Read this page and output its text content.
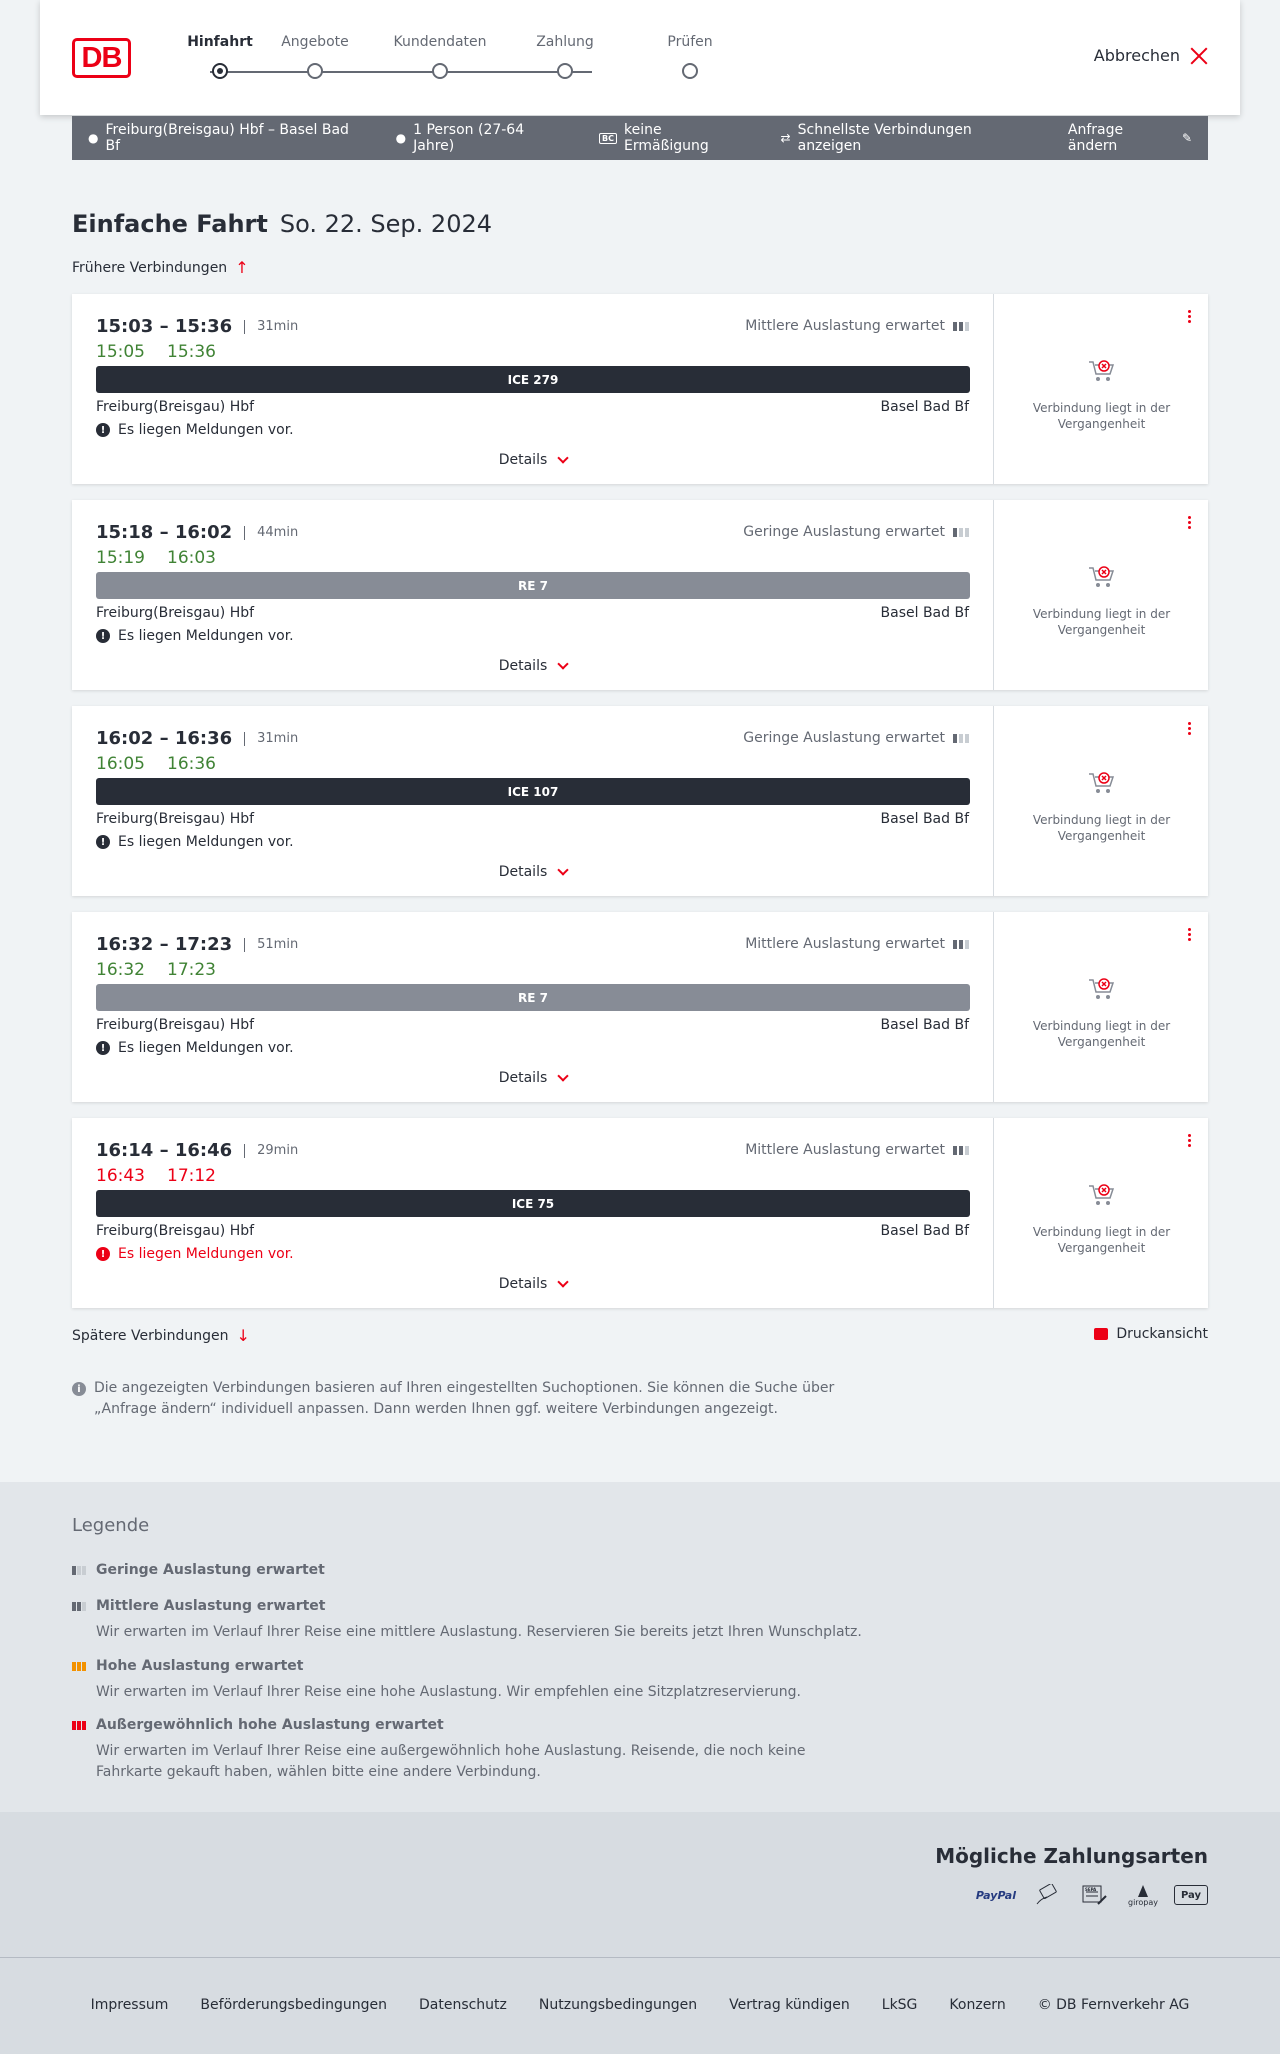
DB	Hinfahrt	Angebote	Kundendaten	Zahlung	Prüfen
Abbrechen
● Freiburg(Breisgau) Hbf – Basel Bad Bf	● 1 Person (27-64 Jahre)	BC keine Ermäßigung	⇄ Schnellste Verbindungen anzeigen
Anfrage ändern	✎
Einfache Fahrt So. 22. Sep. 2024
Frühere Verbindungen ↑
15:03 – 15:36	31min
15:05 15:36
Mittlere Auslastung erwartet
ICE 279
Freiburg(Breisgau) Hbf	Basel Bad Bf
! Es liegen Meldungen vor.
Details
Verbindung liegt in der Vergangenheit
15:18 – 16:02	44min
15:19 16:03
Geringe Auslastung erwartet
RE 7
Freiburg(Breisgau) Hbf	Basel Bad Bf
! Es liegen Meldungen vor.
Details
Verbindung liegt in der Vergangenheit
16:02 – 16:36	31min
16:05 16:36
Geringe Auslastung erwartet
ICE 107
Freiburg(Breisgau) Hbf	Basel Bad Bf
! Es liegen Meldungen vor.
Details
Verbindung liegt in der Vergangenheit
16:32 – 17:23	51min
16:32 17:23
Mittlere Auslastung erwartet
RE 7
Freiburg(Breisgau) Hbf	Basel Bad Bf
! Es liegen Meldungen vor.
Details
Verbindung liegt in der Vergangenheit
16:14 – 16:46	29min
16:43 17:12
Mittlere Auslastung erwartet
ICE 75
Freiburg(Breisgau) Hbf	Basel Bad Bf
! Es liegen Meldungen vor.
Details
Verbindung liegt in der Vergangenheit
Spätere Verbindungen ↓	Druckansicht
i Die angezeigten Verbindungen basieren auf Ihren eingestellten Suchoptionen. Sie können die Suche über „Anfrage ändern“ individuell anpassen. Dann werden Ihnen ggf. weitere Verbindungen angezeigt.
Legende
Geringe Auslastung erwartet
Mittlere Auslastung erwartet
Wir erwarten im Verlauf Ihrer Reise eine mittlere Auslastung. Reservieren Sie bereits jetzt Ihren Wunschplatz.
Hohe Auslastung erwartet
Wir erwarten im Verlauf Ihrer Reise eine hohe Auslastung. Wir empfehlen eine Sitzplatzreservierung.
Außergewöhnlich hohe Auslastung erwartet
Wir erwarten im Verlauf Ihrer Reise eine außergewöhnlich hohe Auslastung. Reisende, die noch keine Fahrkarte gekauft haben, wählen bitte eine andere Verbindung.
Mögliche Zahlungsarten
PayPal	SEPA
giropay
Pay
Impressum Beförderungsbedingungen Datenschutz Nutzungsbedingungen Vertrag kündigen LkSG Konzern © DB Fernverkehr AG
